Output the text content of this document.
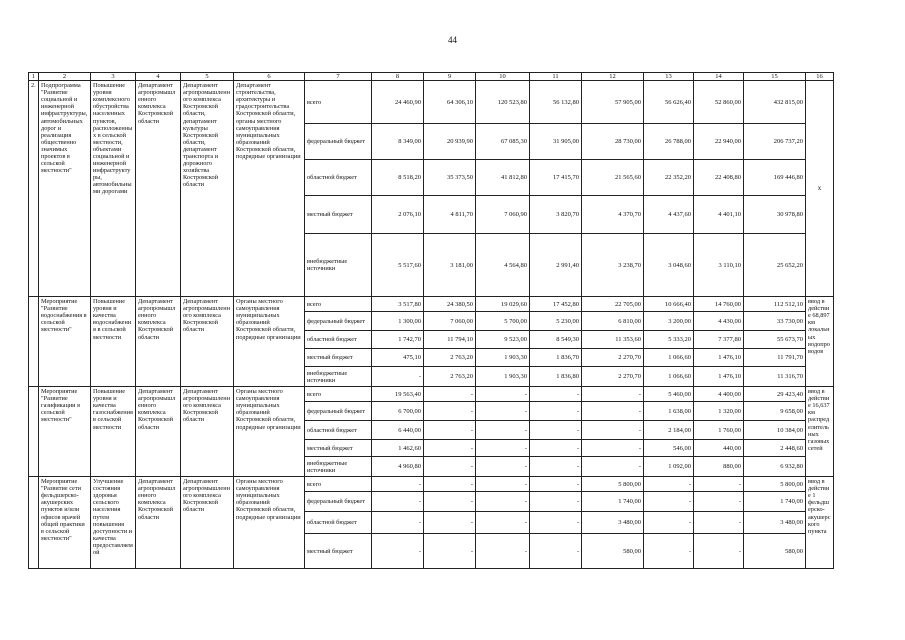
44
1	2	3	4	5	6	7	8	9	10	11	12	13	14	15	16
2.	Подпрограмма "Развитие социальной и инженерной инфраструктуры, автомобильных дорог и реализация общественно значимых проектов в сельской местности"	Повышение уровня комплексного обустройства населенных пунктов, расположенных в сельской местности, объектами социальной и инженерной инфраструктуры, автомобильными дорогами	Департамент агропромышленного комплекса Костромской области	Департамент агропромышленного комплекса Костромской области, департамент культуры Костромской области, департамент транспорта и дорожного хозяйства Костромской области	Департамент строительства, архитектуры и градостроительства Костромской области, органы местного самоуправления муниципальных образований Костромской области, подрядные организации	всего	24 460,90	64 306,10	120 523,80	56 132,80	57 905,00	56 626,40	52 860,00	432 815,00	х
						федеральный бюджет	8 349,00	20 939,90	67 085,30	31 905,00	28 730,00	26 788,00	22 940,00	206 737,20	
						областной бюджет	8 518,20	35 373,50	41 812,80	17 415,70	21 565,60	22 352,20	22 408,80	169 446,80	
						местный бюджет	2 076,10	4 811,70	7 060,90	3 820,70	4 370,70	4 437,60	4 401,10	30 978,80	
						внебюджетные источники	5 517,60	3 181,00	4 564,80	2 991,40	3 238,70	3 048,60	3 110,10	25 652,20	
	Мероприятие "Развитие водоснабжения в сельской местности"	Повышение уровня и качества водоснабжения в сельской местности	Департамент агропромышленного комплекса Костромской области	Департамент агропромышленного комплекса Костромской области	Органы местного самоуправления муниципальных образований Костромской области, подрядные организации	всего	3 517,80	24 380,50	19 029,60	17 452,80	22 705,00	10 666,40	14 760,00	112 512,10	ввод в действие 68,897 км локальных водопроводов
						федеральный бюджет	1 300,00	7 060,00	5 700,00	5 230,00	6 810,00	3 200,00	4 430,00	33 730,00	
						областной бюджет	1 742,70	11 794,10	9 523,00	8 549,30	11 353,60	5 333,20	7 377,80	55 673,70	
						местный бюджет	475,10	2 763,20	1 903,30	1 836,70	2 270,70	1 066,60	1 476,10	11 791,70	
						внебюджетные источники	-	2 763,20	1 903,30	1 836,80	2 270,70	1 066,60	1 476,10	11 316,70	
	Мероприятие "Развитие газификации в сельской местности"	Повышение уровня и качества газоснабжения в сельской местности	Департамент агропромышленного комплекса Костромской области	Департамент агропромышленного комплекса Костромской области	Органы местного самоуправления муниципальных образований Костромской области, подрядные организации	всего	19 563,40	-	-	-	-	5 460,00	4 400,00	29 423,40	ввод в действие 16,637 км распределительных газовых сетей
						федеральный бюджет	6 700,00	-	-	-	-	1 638,00	1 320,00	9 658,00	
						областной бюджет	6 440,00	-	-	-	-	2 184,00	1 760,00	10 384,00	
						местный бюджет	1 462,60	-	-	-	-	546,00	440,00	2 448,60	
						внебюджетные источники	4 960,80	-	-	-	-	1 092,00	880,00	6 932,80	
	Мероприятие "Развитие сети фельдшерско-акушерских пунктов и/или офисов врачей общей практики в сельской местности"	Улучшение состояния здоровья сельского населения путем повышения доступности и качества предоставляемой	Департамент агропромышленного комплекса Костромской области	Департамент агропромышленного комплекса Костромской области	Органы местного самоуправления муниципальных образований Костромской области, подрядные организации	всего	-	-	-	-	5 800,00	-	-	5 800,00	ввод в действие 1 фельдшерско-акушерского пункта
						федеральный бюджет	-	-	-	-	1 740,00	-	-	1 740,00	
						областной бюджет	-	-	-	-	3 480,00	-	-	3 480,00	
						местный бюджет	-	-	-	-	580,00	-	-	580,00	
